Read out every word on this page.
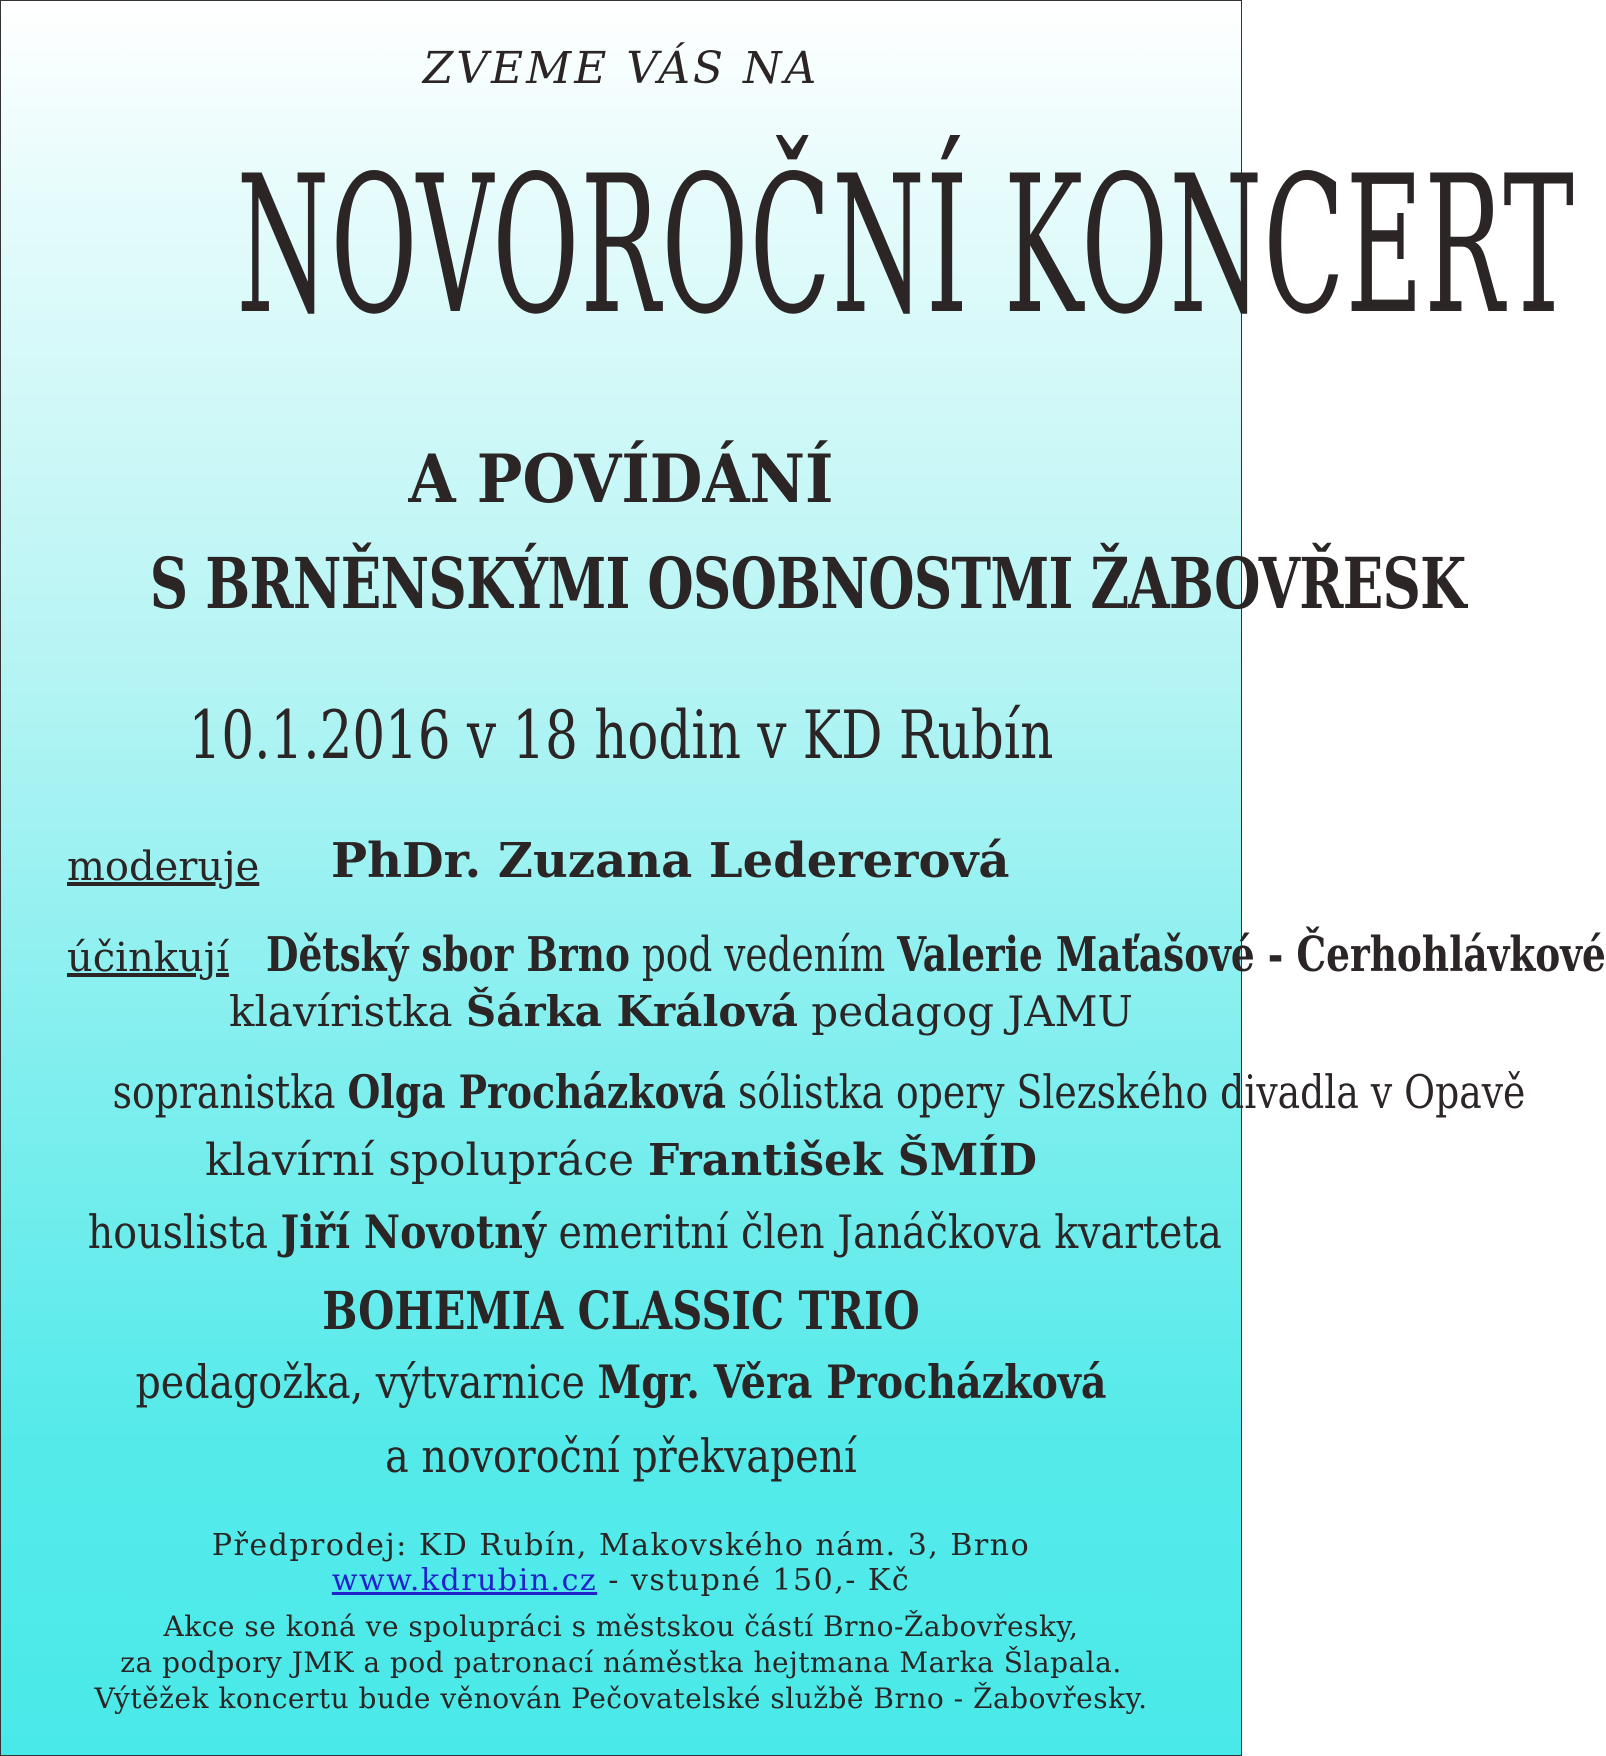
ZVEME VÁS NA
NOVOROČNÍ KONCERT
A POVÍDÁNÍ
S BRNĚNSKÝMI OSOBNOSTMI ŽABOVŘESK
10.1.2016 v 18 hodin v KD Rubín
moderuje PhDr. Zuzana Ledererová
účinkují Dětský sbor Brno pod vedením Valerie Maťašové - Čerhohlávkové
klavíristka Šárka Králová pedagog JAMU
sopranistka Olga Procházková sólistka opery Slezského divadla v Opavě
klavírní spolupráce František ŠMÍD
houslista Jiří Novotný emeritní člen Janáčkova kvarteta
BOHEMIA CLASSIC TRIO
pedagožka, výtvarnice Mgr. Věra Procházková
a novoroční překvapení
Předprodej: KD Rubín, Makovského nám. 3, Brno
www.kdrubin.cz - vstupné 150,- Kč
Akce se koná ve spolupráci s městskou částí Brno-Žabovřesky,
za podpory JMK a pod patronací náměstka hejtmana Marka Šlapala.
Výtěžek koncertu bude věnován Pečovatelské službě Brno - Žabovřesky.
